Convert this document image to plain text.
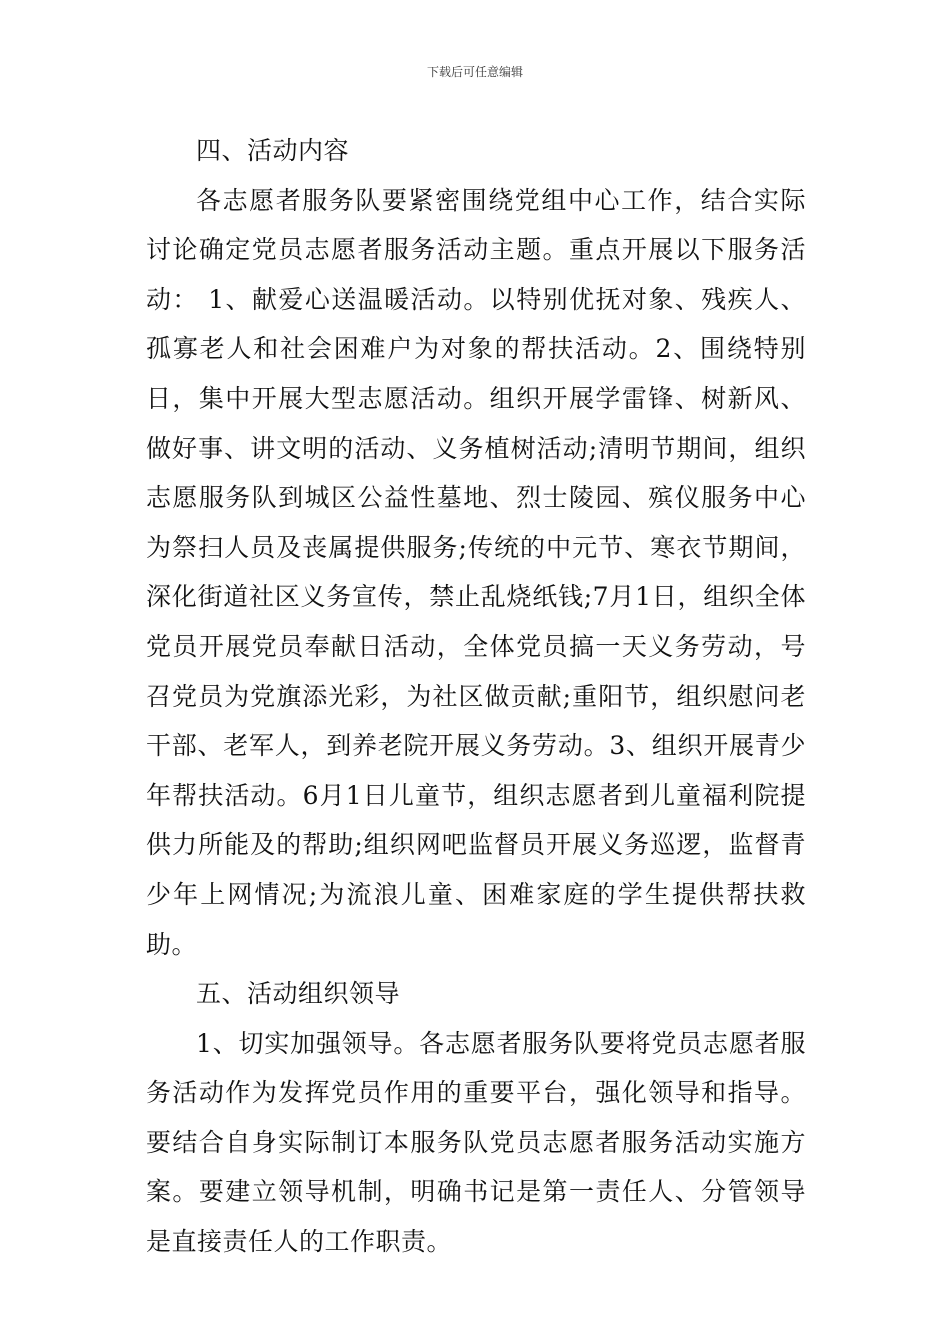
下载后可任意编辑

四、活动内容

各志愿者服务队要紧密围绕党组中心工作，结合实际讨论确定党员志愿者服务活动主题。重点开展以下服务活动： 1、献爱心送温暖活动。以特别优抚对象、残疾人、孤寡老人和社会困难户为对象的帮扶活动。2、围绕特别日，集中开展大型志愿活动。组织开展学雷锋、树新风、做好事、讲文明的活动、义务植树活动;清明节期间，组织志愿服务队到城区公益性墓地、烈士陵园、殡仪服务中心为祭扫人员及丧属提供服务;传统的中元节、寒衣节期间，深化街道社区义务宣传，禁止乱烧纸钱;7月1日，组织全体党员开展党员奉献日活动，全体党员搞一天义务劳动，号召党员为党旗添光彩，为社区做贡献;重阳节，组织慰问老干部、老军人，到养老院开展义务劳动。3、组织开展青少年帮扶活动。6月1日儿童节，组织志愿者到儿童福利院提供力所能及的帮助;组织网吧监督员开展义务巡逻，监督青少年上网情况;为流浪儿童、困难家庭的学生提供帮扶救助。

五、活动组织领导

1、切实加强领导。各志愿者服务队要将党员志愿者服务活动作为发挥党员作用的重要平台，强化领导和指导。要结合自身实际制订本服务队党员志愿者服务活动实施方案。要建立领导机制，明确书记是第一责任人、分管领导是直接责任人的工作职责。
